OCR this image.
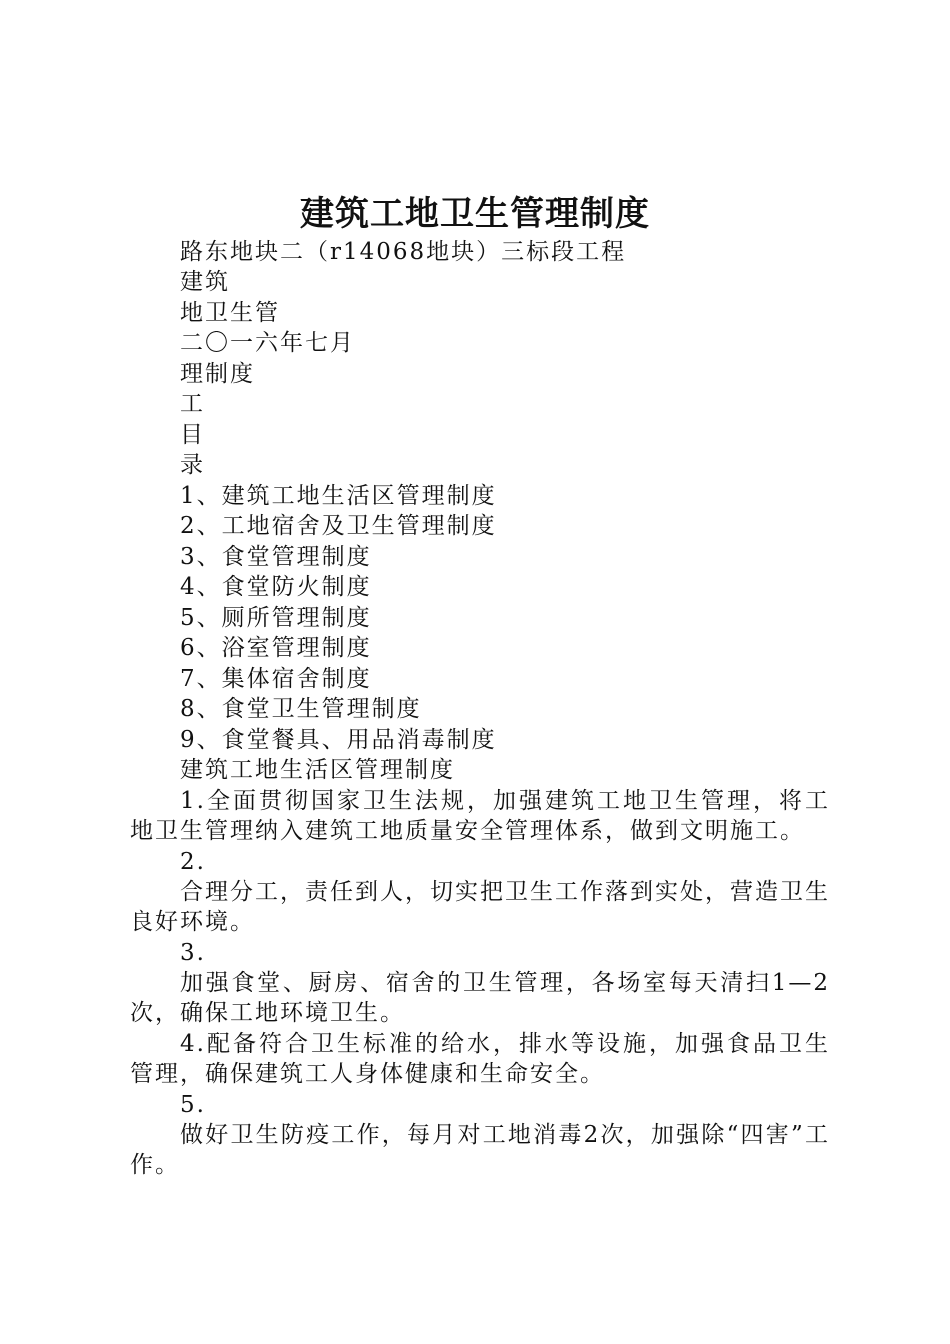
建筑工地卫生管理制度
路东地块二（r14068地块）三标段工程
建筑
地卫生管
二〇一六年七月
理制度
工
目
录
1、建筑工地生活区管理制度
2、工地宿舍及卫生管理制度
3、食堂管理制度
4、食堂防火制度
5、厕所管理制度
6、浴室管理制度
7、集体宿舍制度
8、食堂卫生管理制度
9、食堂餐具、用品消毒制度
建筑工地生活区管理制度
1.全面贯彻国家卫生法规，加强建筑工地卫生管理，将工地卫生管理纳入建筑工地质量安全管理体系，做到文明施工。
2.
合理分工，责任到人，切实把卫生工作落到实处，营造卫生良好环境。
3.
加强食堂、厨房、宿舍的卫生管理，各场室每天清扫1—2次，确保工地环境卫生。
4.配备符合卫生标准的给水，排水等设施，加强食品卫生管理，确保建筑工人身体健康和生命安全。
5.
做好卫生防疫工作，每月对工地消毒2次，加强除“四害”工作。
